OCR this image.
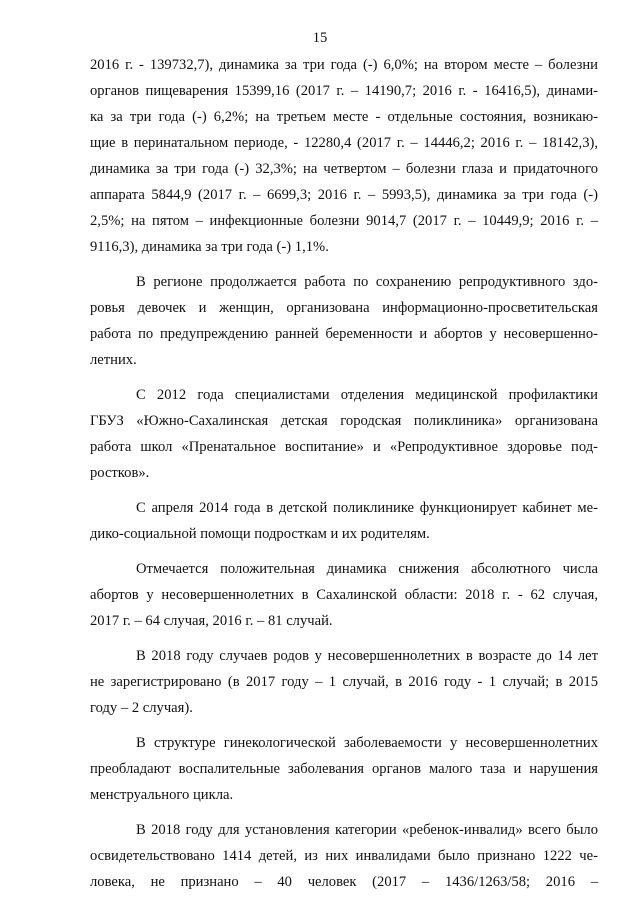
15

2016 г. - 139732,7), динамика за три года (-) 6,0%; на втором месте – болезни
органов пищеварения 15399,16 (2017 г. – 14190,7; 2016 г. - 16416,5), динами-
ка за три года (-) 6,2%; на третьем месте - отдельные состояния, возникаю-
щие в перинатальном периоде, - 12280,4 (2017 г. – 14446,2; 2016 г. – 18142,3),
динамика за три года (-) 32,3%; на четвертом – болезни глаза и придаточного
аппарата 5844,9 (2017 г. – 6699,3; 2016 г. – 5993,5), динамика за три года (-)
2,5%; на пятом – инфекционные болезни 9014,7 (2017 г. – 10449,9; 2016 г. –
9116,3), динамика за три года (-) 1,1%.

В регионе продолжается работа по сохранению репродуктивного здо-
ровья девочек и женщин, организована информационно-просветительская
работа по предупреждению ранней беременности и абортов у несовершенно-
летних.

С 2012 года специалистами отделения медицинской профилактики
ГБУЗ «Южно-Сахалинская детская городская поликлиника» организована
работа школ «Пренатальное воспитание» и «Репродуктивное здоровье под-
ростков».

С апреля 2014 года в детской поликлинике функционирует кабинет ме-
дико-социальной помощи подросткам и их родителям.

Отмечается положительная динамика снижения абсолютного числа
абортов у несовершеннолетних в Сахалинской области: 2018 г. - 62 случая,
2017 г. – 64 случая, 2016 г. – 81 случай.

В 2018 году случаев родов у несовершеннолетних в возрасте до 14 лет
не зарегистрировано (в 2017 году – 1 случай, в 2016 году - 1 случай; в 2015
году – 2 случая).

В структуре гинекологической заболеваемости у несовершеннолетних
преобладают воспалительные заболевания органов малого таза и нарушения
менструального цикла.

В 2018 году для установления категории «ребенок-инвалид» всего было
освидетельствовано 1414 детей, из них инвалидами было признано 1222 че-
ловека, не признано – 40 человек (2017 – 1436/1263/58; 2016 –
